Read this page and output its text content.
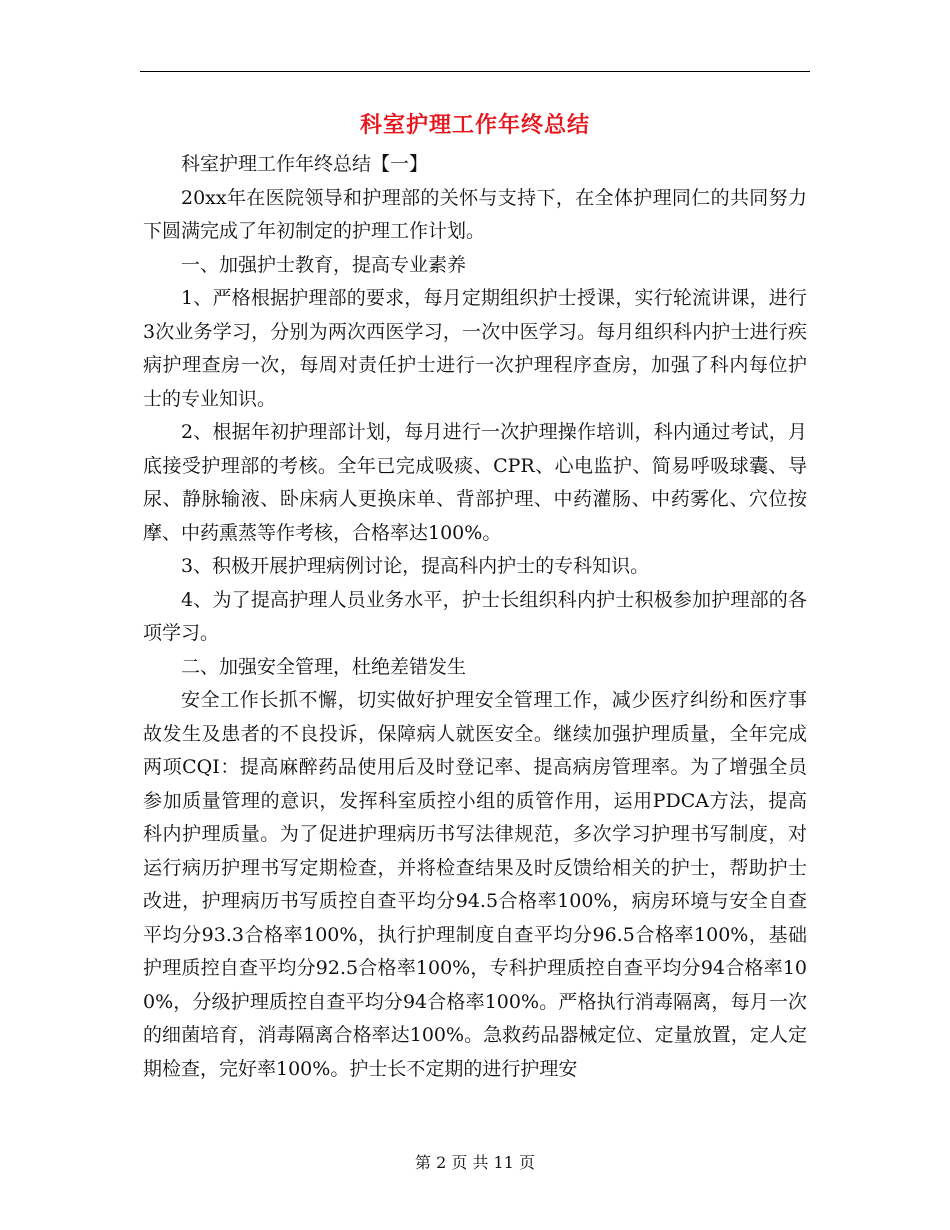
科室护理工作年终总结

科室护理工作年终总结【一】

20xx年在医院领导和护理部的关怀与支持下，在全体护理同仁的共同努力下圆满完成了年初制定的护理工作计划。

一、加强护士教育，提高专业素养

1、严格根据护理部的要求，每月定期组织护士授课，实行轮流讲课，进行3次业务学习，分别为两次西医学习，一次中医学习。每月组织科内护士进行疾病护理查房一次，每周对责任护士进行一次护理程序查房，加强了科内每位护士的专业知识。

2、根据年初护理部计划，每月进行一次护理操作培训，科内通过考试，月底接受护理部的考核。全年已完成吸痰、CPR、心电监护、简易呼吸球囊、导尿、静脉输液、卧床病人更换床单、背部护理、中药灌肠、中药雾化、穴位按摩、中药熏蒸等作考核，合格率达100%。

3、积极开展护理病例讨论，提高科内护士的专科知识。

4、为了提高护理人员业务水平，护士长组织科内护士积极参加护理部的各项学习。

二、加强安全管理，杜绝差错发生

安全工作长抓不懈，切实做好护理安全管理工作，减少医疗纠纷和医疗事故发生及患者的不良投诉，保障病人就医安全。继续加强护理质量，全年完成两项CQI：提高麻醉药品使用后及时登记率、提高病房管理率。为了增强全员参加质量管理的意识，发挥科室质控小组的质管作用，运用PDCA方法，提高科内护理质量。为了促进护理病历书写法律规范，多次学习护理书写制度，对运行病历护理书写定期检查，并将检查结果及时反馈给相关的护士，帮助护士改进，护理病历书写质控自查平均分94.5合格率100%，病房环境与安全自查平均分93.3合格率100%，执行护理制度自查平均分96.5合格率100%，基础护理质控自查平均分92.5合格率100%，专科护理质控自查平均分94合格率100%，分级护理质控自查平均分94合格率100%。严格执行消毒隔离，每月一次的细菌培育，消毒隔离合格率达100%。急救药品器械定位、定量放置，定人定期检查，完好率100%。护士长不定期的进行护理安

第 2 页 共 11 页
